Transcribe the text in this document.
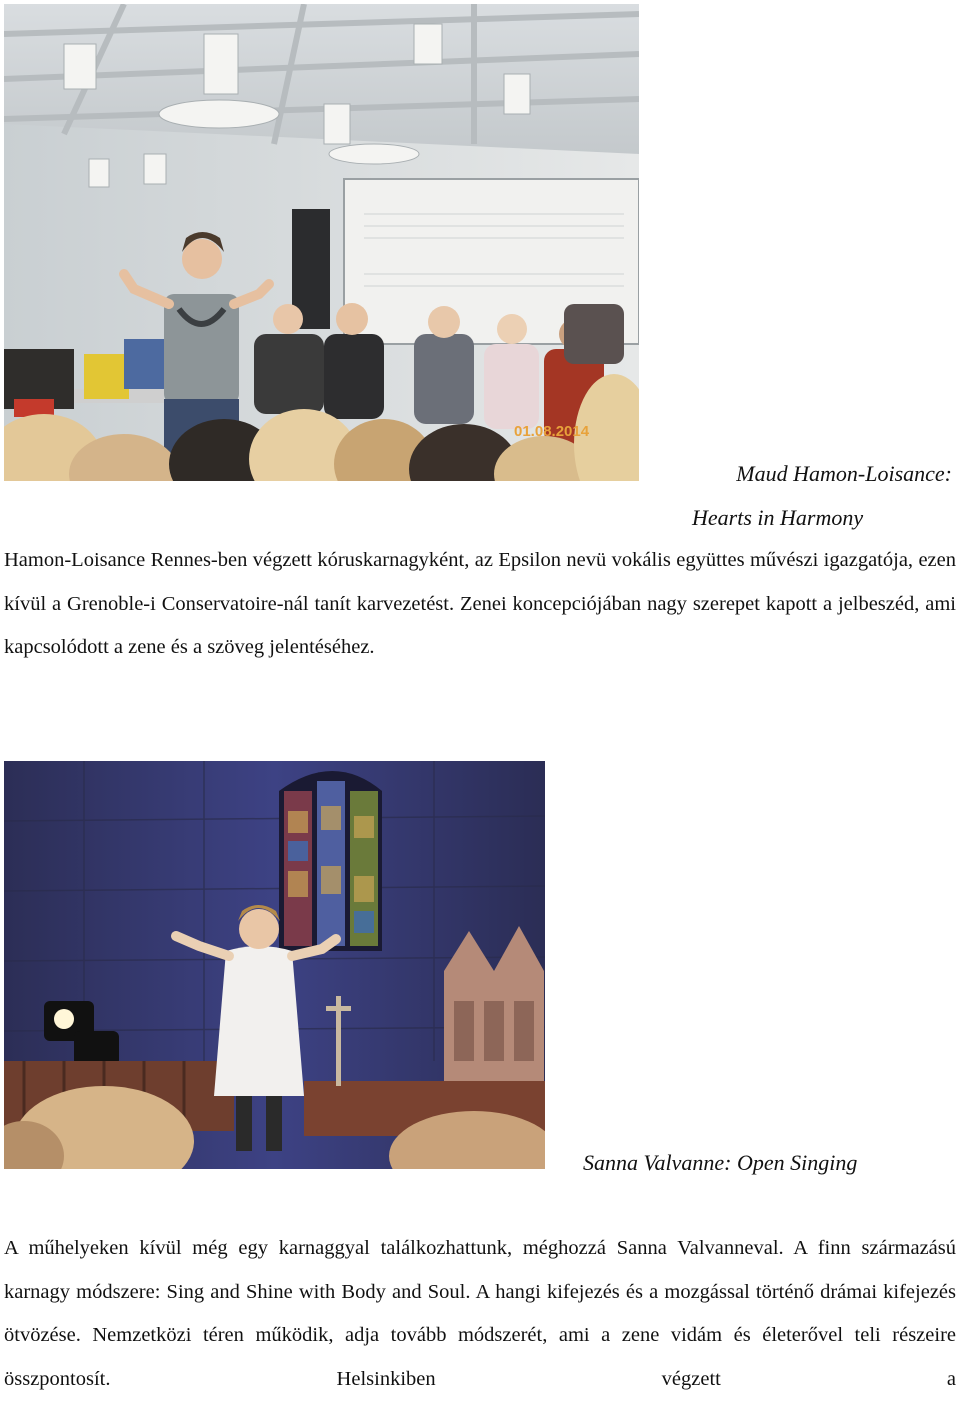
01.08.2014
Maud Hamon-Loisance:
Hearts in Harmony

Hamon-Loisance Rennes-ben végzett kóruskarnagyként, az Epsilon nevü vokális együttes művészi igazgatója, ezen kívül a Grenoble-i Conservatoire-nál tanít karvezetést. Zenei koncepciójában nagy szerepet kapott a jelbeszéd, ami kapcsolódott a zene és a szöveg jelentéséhez.

Sanna Valvanne: Open Singing

A műhelyeken kívül még egy karnaggyal találkozhattunk, méghozzá Sanna Valvanneval. A finn származású karnagy módszere: Sing and Shine with Body and Soul. A hangi kifejezés és a mozgással történő drámai kifejezés ötvözése. Nemzetközi téren működik, adja tovább módszerét, ami a zene vidám és életerővel teli részeire összpontosít. Helsinkiben végzett a
